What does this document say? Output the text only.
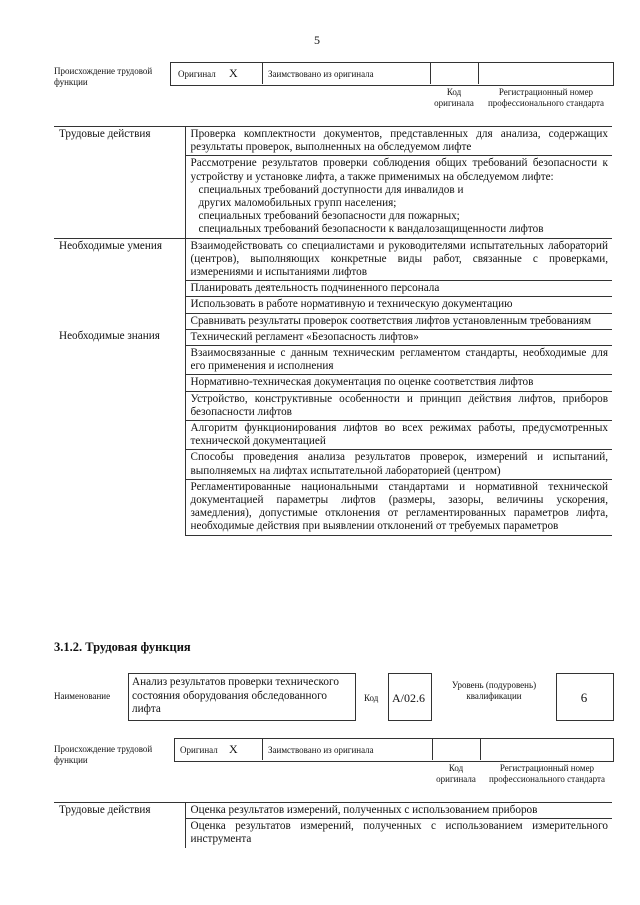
5
Происхождение трудовой функции
Оригинал X	Заимствовано из оригинала
Код оригинала
Регистрационный номер профессионального стандарта
Трудовые действия	Проверка комплектности документов, представленных для анализа, содержащих результаты проверок, выполненных на обследуемом лифте

	Рассмотрение результатов проверки соблюдения общих требований безопасности к устройству и установке лифта, а также применимых на обследуемом лифте:
специальных требований доступности для инвалидов и
других маломобильных групп населения;
специальных требований безопасности для пожарных;
специальных требований безопасности к вандалозащищенности лифтов

Необходимые умения	Взаимодействовать со специалистами и руководителями испытательных лабораторий (центров), выполняющих конкретные виды работ, связанные с проверками, измерениями и испытаниями лифтов
	Планировать деятельность подчиненного персонала
	Использовать в работе нормативную и техническую документацию
	Сравнивать результаты проверок соответствия лифтов установленным требованиям
Необходимые знания	Технический регламент «Безопасность лифтов»
	Взаимосвязанные с данным техническим регламентом стандарты, необходимые для его применения и исполнения
	Нормативно-техническая документация по оценке соответствия лифтов
	Устройство, конструктивные особенности и принцип действия лифтов, приборов безопасности лифтов
	Алгоритм функционирования лифтов во всех режимах работы, предусмотренных технической документацией
	Способы проведения анализа результатов проверок, измерений и испытаний, выполняемых на лифтах испытательной лабораторией (центром)
	Регламентированные национальными стандартами и нормативной технической документацией параметры лифтов (размеры, зазоры, величины ускорения, замедления), допустимые отклонения от регламентированных параметров лифта, необходимые действия при выявлении отклонений от требуемых параметров
3.1.2. Трудовая функция
Наименование
Анализ результатов проверки технического состояния оборудования обследованного лифта
Код A/02.6
Уровень (подуровень) квалификации	6
Происхождение трудовой функции
Оригинал X	Заимствовано из оригинала
Код оригинала
Регистрационный номер профессионального стандарта
Трудовые действия	Оценка результатов измерений, полученных с использованием приборов
Оценка результатов измерений, полученных с использованием измерительного инструмента
